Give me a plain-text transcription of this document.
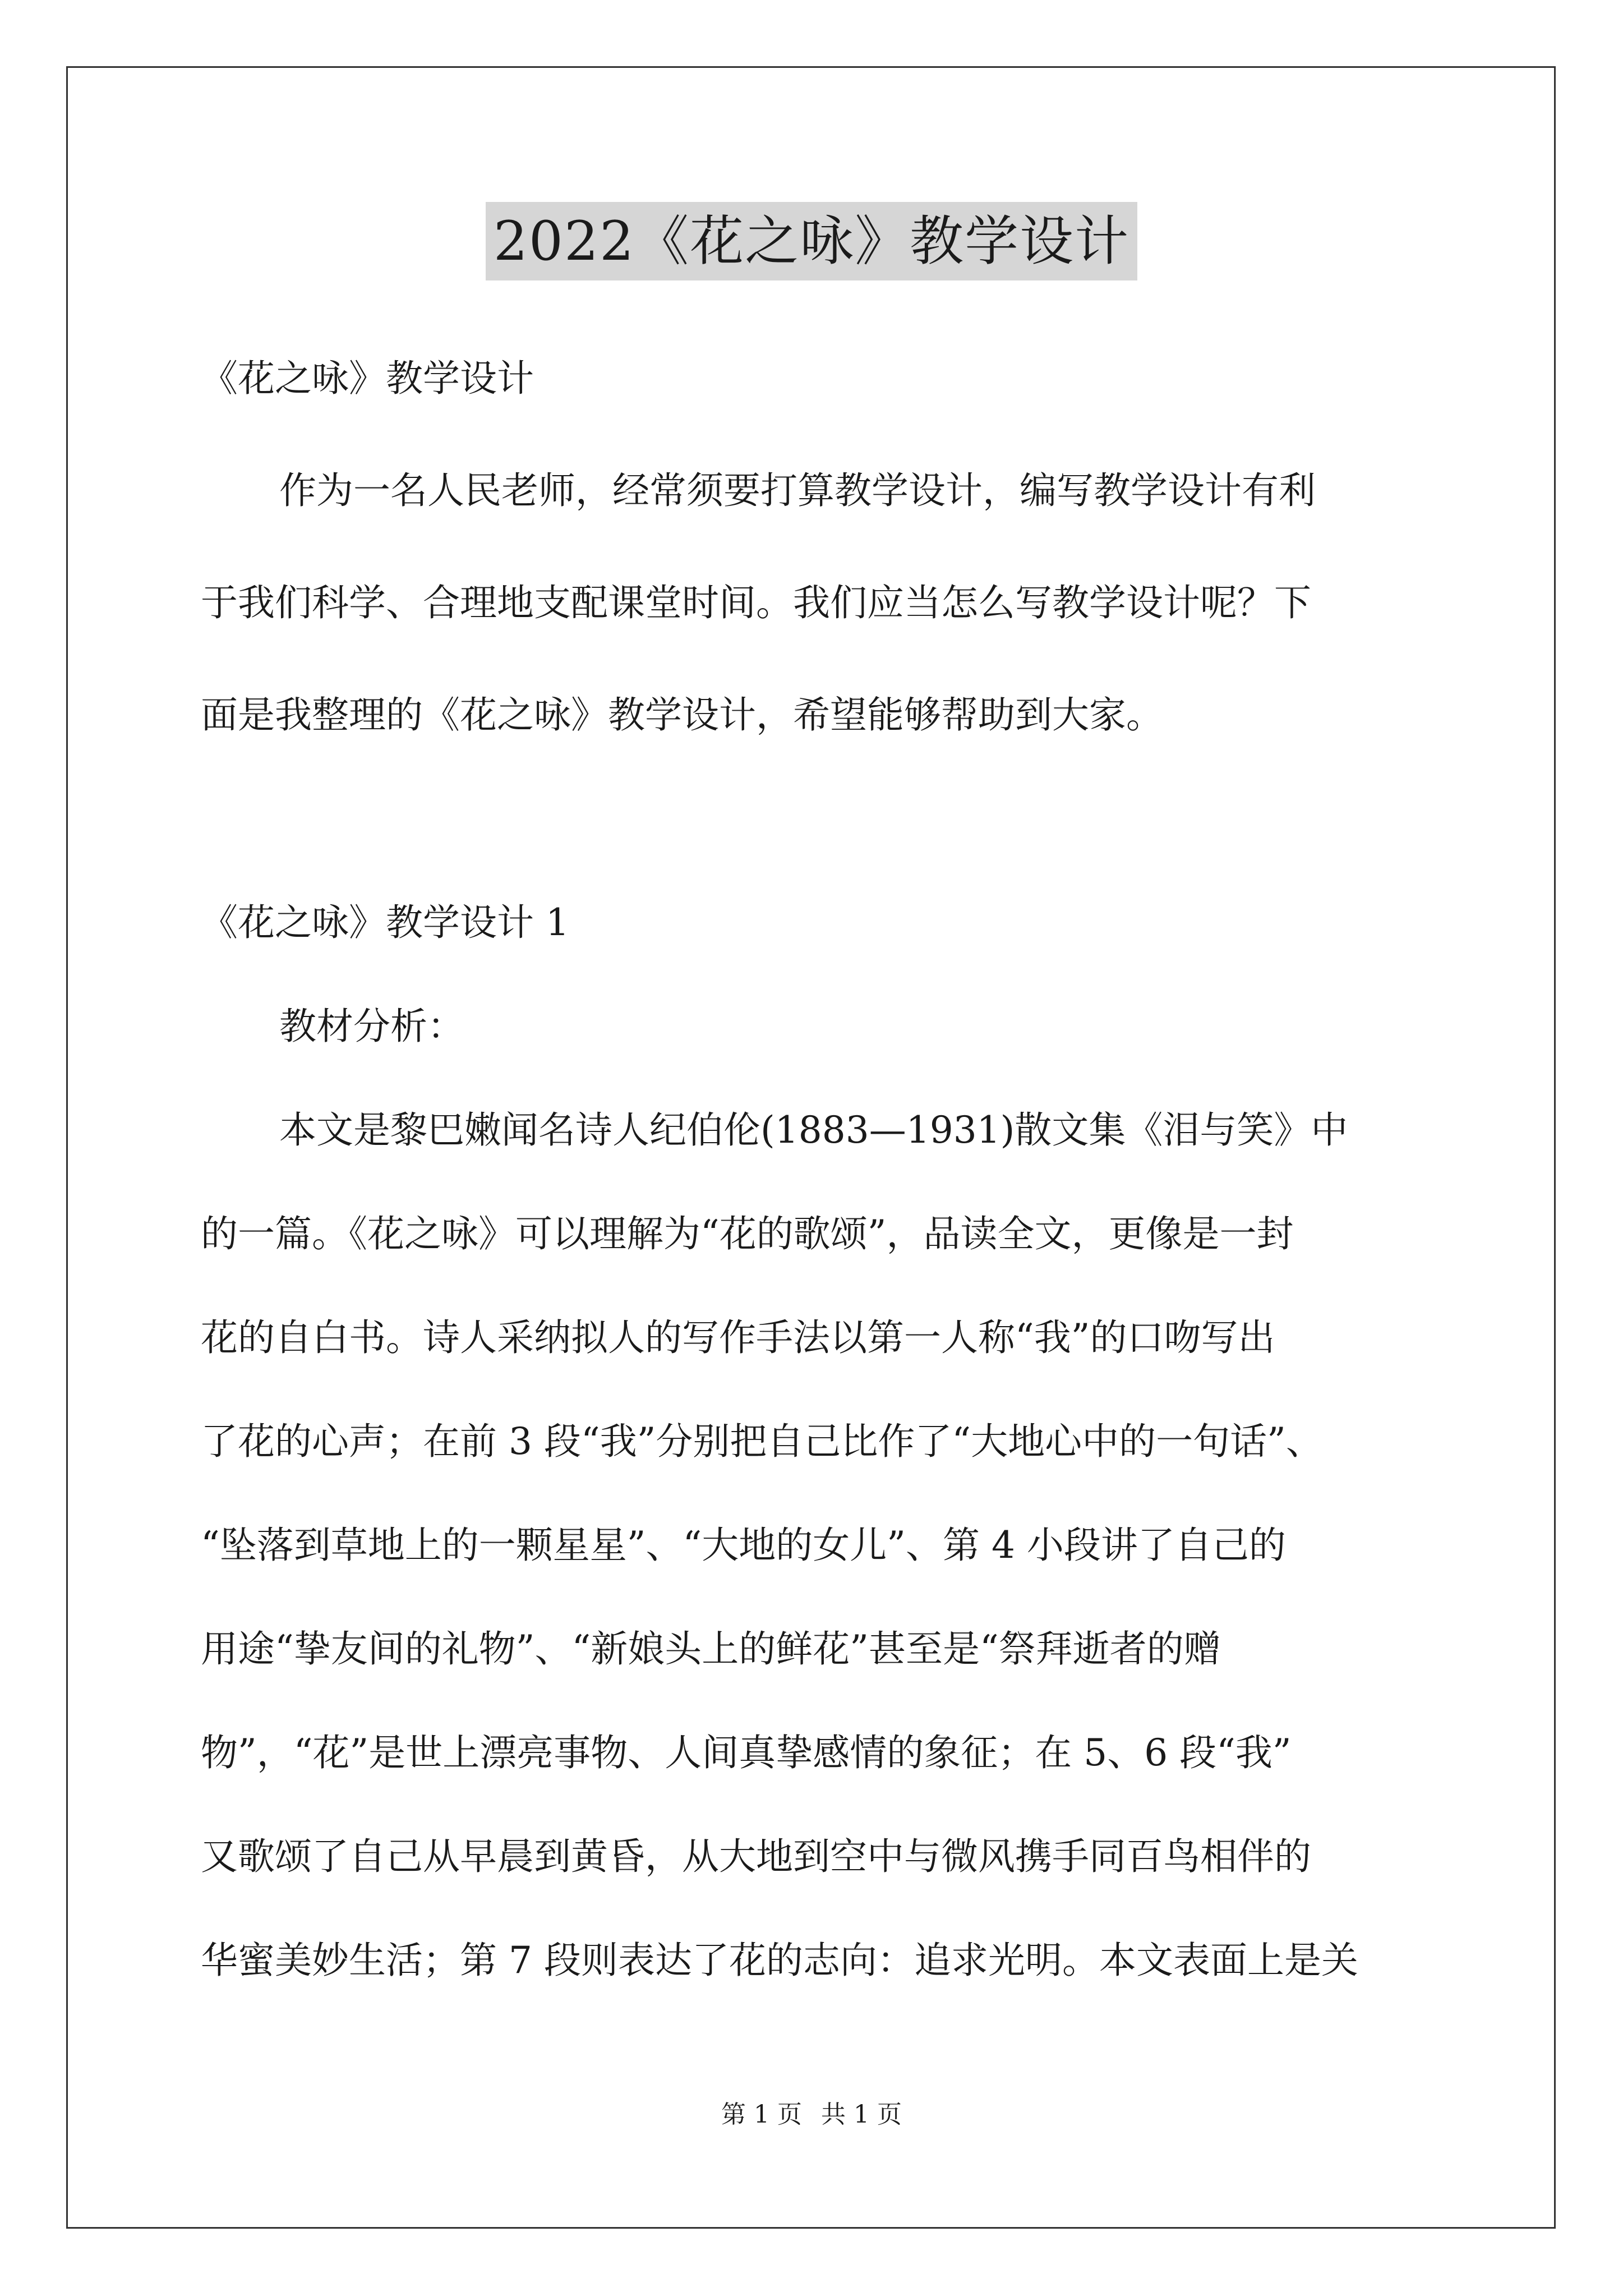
2022《花之咏》教学设计
《花之咏》教学设计
作为一名人民老师，经常须要打算教学设计，编写教学设计有利
于我们科学、合理地支配课堂时间。我们应当怎么写教学设计呢？下
面是我整理的《花之咏》教学设计，希望能够帮助到大家。
《花之咏》教学设计 1
教材分析：
本文是黎巴嫩闻名诗人纪伯伦(1883—1931)散文集《泪与笑》中
的一篇。《花之咏》可以理解为“花的歌颂”，品读全文，更像是一封
花的自白书。诗人采纳拟人的写作手法以第一人称“我”的口吻写出
了花的心声；在前 3 段“我”分别把自己比作了“大地心中的一句话”、
“坠落到草地上的一颗星星”、“大地的女儿”、第 4 小段讲了自己的
用途“挚友间的礼物”、“新娘头上的鲜花”甚至是“祭拜逝者的赠
物”，“花”是世上漂亮事物、人间真挚感情的象征；在 5、6 段“我”
又歌颂了自己从早晨到黄昏，从大地到空中与微风携手同百鸟相伴的
华蜜美妙生活；第 7 段则表达了花的志向：追求光明。本文表面上是关
第 1 页 共 1 页
